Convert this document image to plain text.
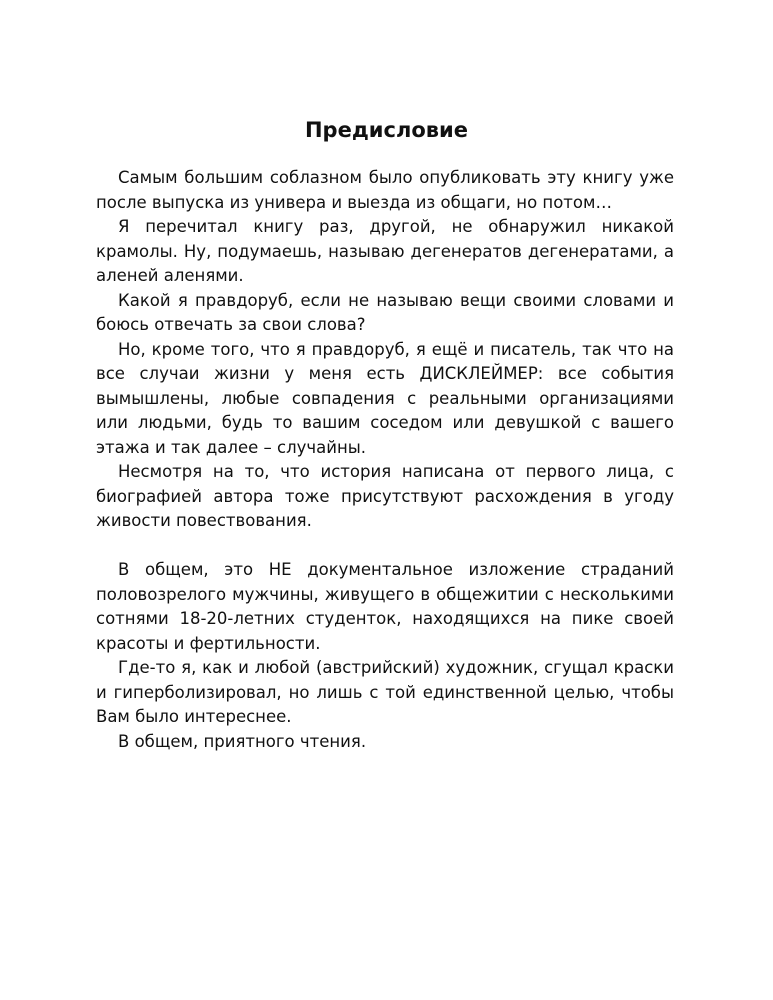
Предисловие

Самым большим соблазном было опубликовать эту книгу уже после выпуска из универа и выезда из общаги, но потом…

Я перечитал книгу раз, другой, не обнаружил никакой крамолы. Ну, подумаешь, называю дегенератов дегенератами, а аленей аленями.

Какой я правдоруб, если не называю вещи своими словами и боюсь отвечать за свои слова?

Но, кроме того, что я правдоруб, я ещё и писатель, так что на все случаи жизни у меня есть ДИСКЛЕЙМЕР: все события вымышлены, любые совпадения с реальными организациями или людьми, будь то вашим соседом или девушкой с вашего этажа и так далее – случайны.

Несмотря на то, что история написана от первого лица, с биографией автора тоже присутствуют расхождения в угоду живости повествования.

В общем, это НЕ документальное изложение страданий половозрелого мужчины, живущего в общежитии с несколькими сотнями 18-20-летних студенток, находящихся на пике своей красоты и фертильности.

Где-то я, как и любой (австрийский) художник, сгущал краски и гиперболизировал, но лишь с той единственной целью, чтобы Вам было интереснее.

В общем, приятного чтения.
